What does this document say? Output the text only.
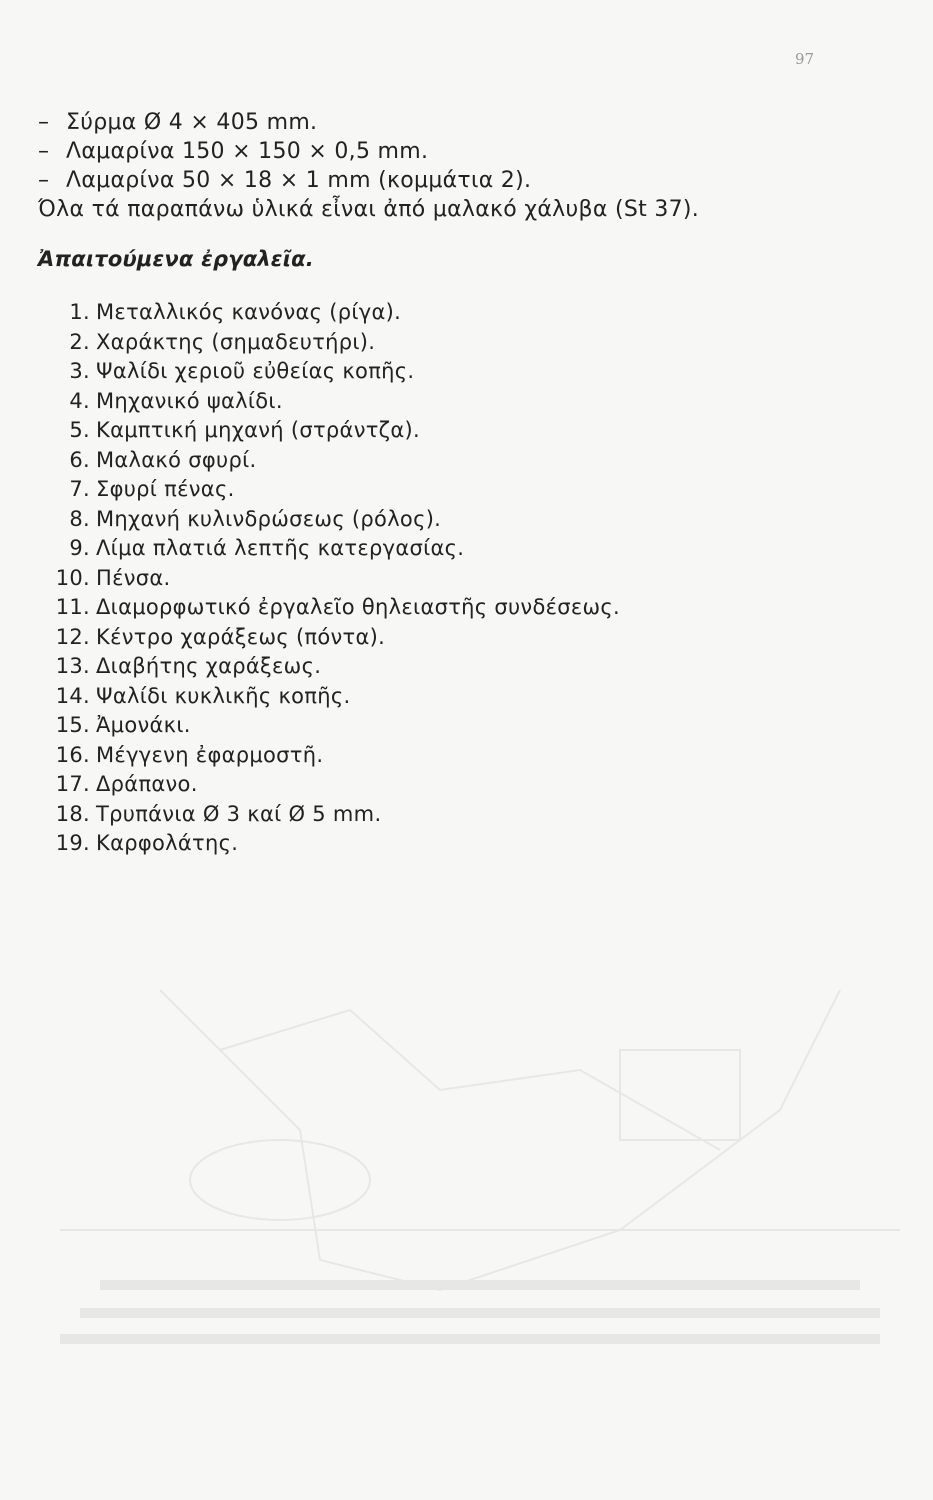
97
– Σύρμα Ø 4 × 405 mm.
– Λαμαρίνα 150 × 150 × 0,5 mm.
– Λαμαρίνα 50 × 18 × 1 mm (κομμάτια 2).
Όλα τά παραπάνω ὑλικά εἶναι ἀπό μαλακό χάλυβα (St 37).
Ἀπαιτούμενα ἐργαλεῖα.
1. Μεταλλικός κανόνας (ρίγα).
2. Χαράκτης (σημαδευτήρι).
3. Ψαλίδι χεριοῦ εὐθείας κοπῆς.
4. Μηχανικό ψαλίδι.
5. Καμπτική μηχανή (στράντζα).
6. Μαλακό σφυρί.
7. Σφυρί πένας.
8. Μηχανή κυλινδρώσεως (ρόλος).
9. Λίμα πλατιά λεπτῆς κατεργασίας.
10. Πένσα.
11. Διαμορφωτικό ἐργαλεῖο θηλειαστῆς συνδέσεως.
12. Κέντρο χαράξεως (πόντα).
13. Διαβήτης χαράξεως.
14. Ψαλίδι κυκλικῆς κοπῆς.
15. Ἀμονάκι.
16. Μέγγενη ἐφαρμοστῆ.
17. Δράπανο.
18. Τρυπάνια Ø 3 καί Ø 5 mm.
19. Καρφολάτης.
